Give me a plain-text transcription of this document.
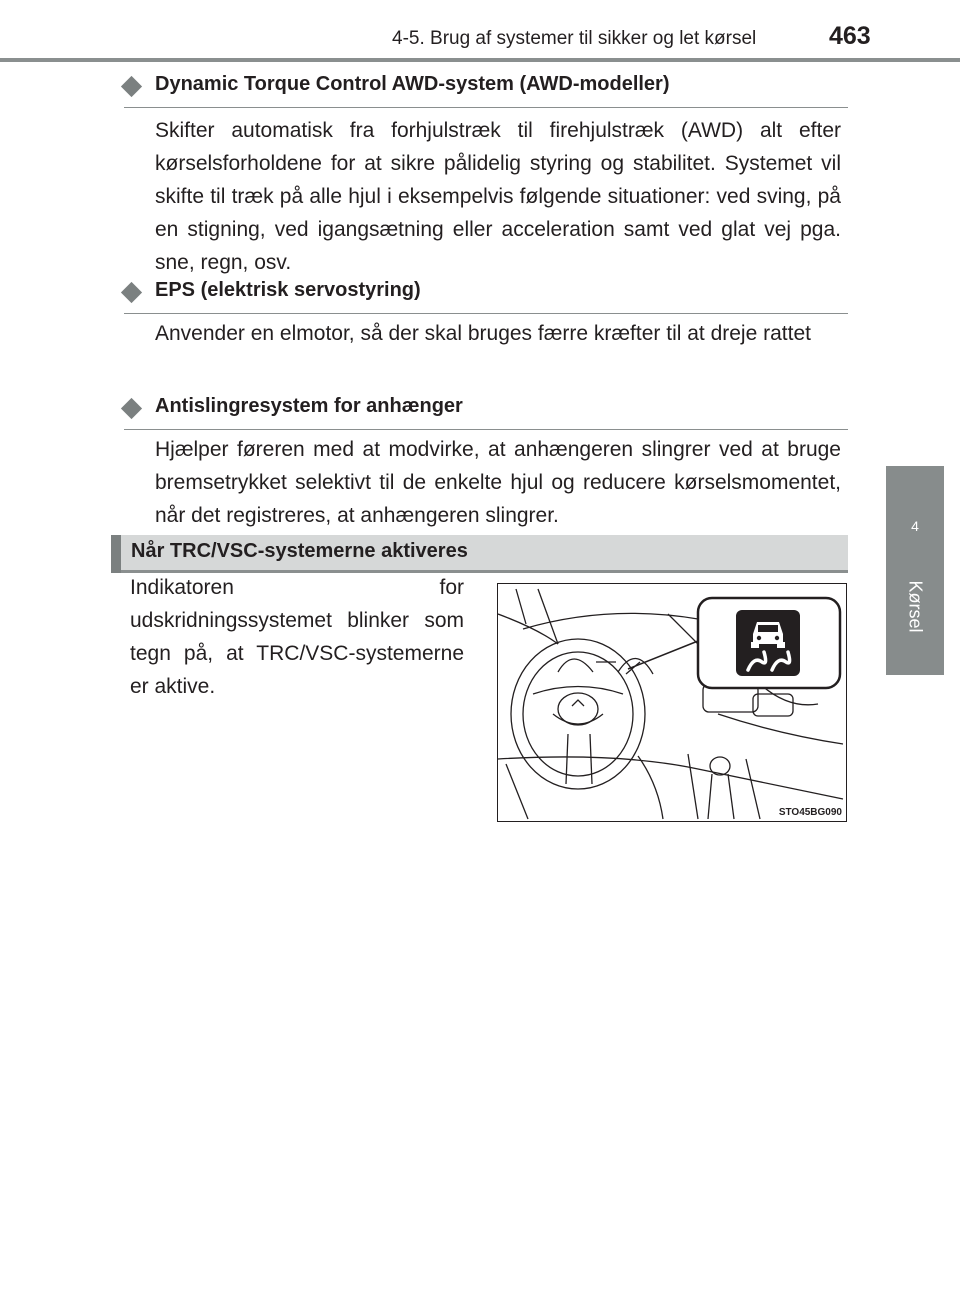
4-5. Brug af systemer til sikker og let kørsel	463
4
Kørsel
Dynamic Torque Control AWD-system (AWD-modeller)
Skifter automatisk fra forhjulstræk til firehjulstræk (AWD) alt efter kørselsforholdene for at sikre pålidelig styring og stabilitet. Systemet vil skifte til træk på alle hjul i eksempelvis følgende situationer: ved sving, på en stigning, ved igangsætning eller acceleration samt ved glat vej pga. sne, regn, osv.
EPS (elektrisk servostyring)
Anvender en elmotor, så der skal bruges færre kræfter til at dreje rattet
Antislingresystem for anhænger
Hjælper føreren med at modvirke, at anhængeren slingrer ved at bruge bremsetrykket selektivt til de enkelte hjul og reducere kørselsmomentet, når det registreres, at anhængeren slingrer.
Når TRC/VSC-systemerne aktiveres
Indikatoren for udskridningssystemet blinker som tegn på, at TRC/VSC-systemerne er aktive.
STO45BG090
